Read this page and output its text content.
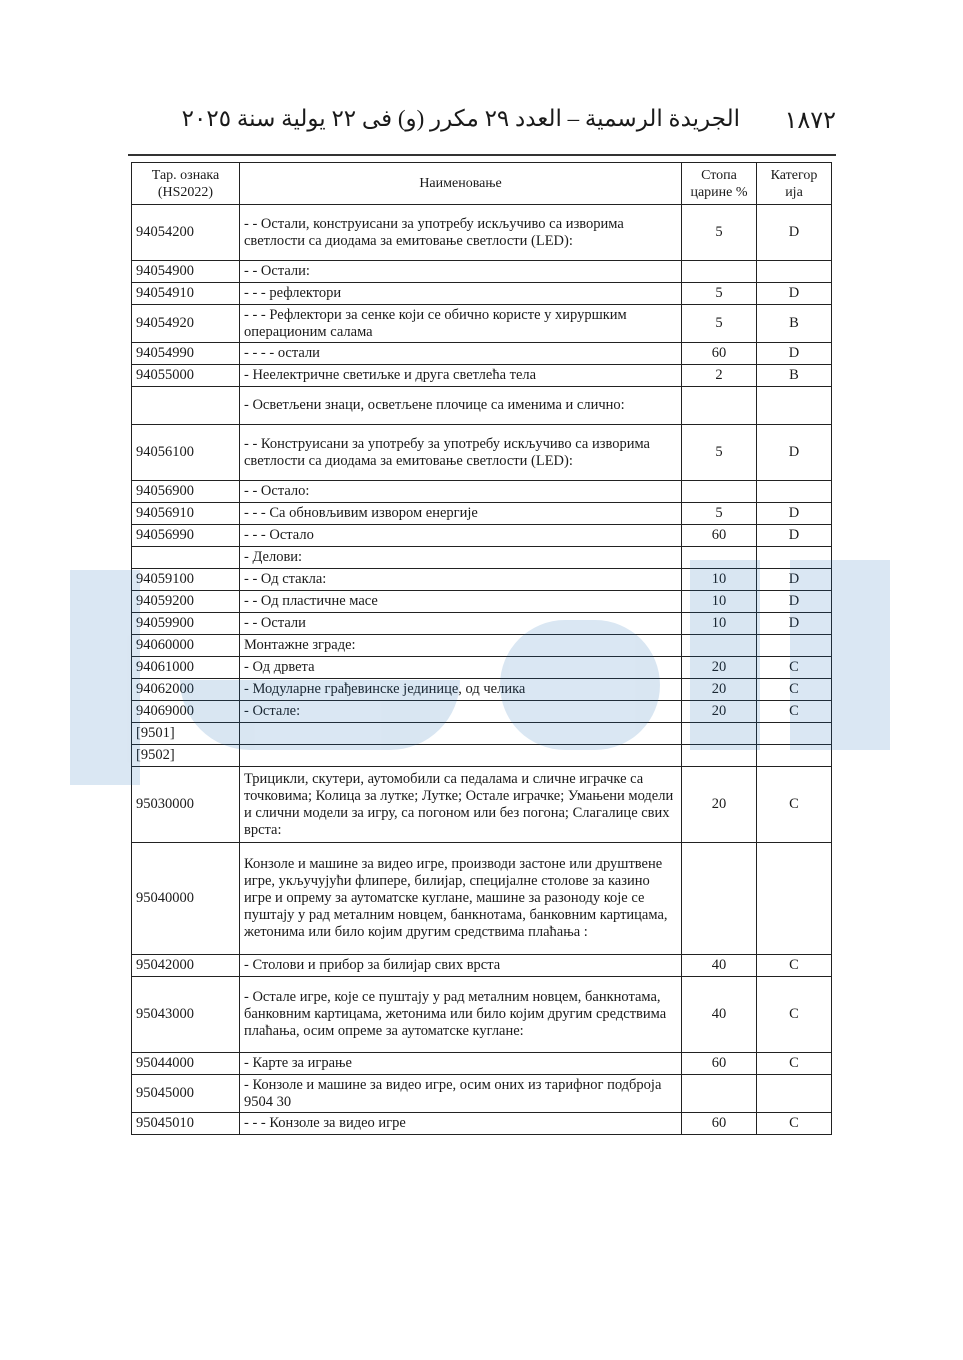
الجريدة الرسمية – العدد ٢٩ مكرر (و) فى ٢٢ يولية سنة ٢٠٢٥ ١٨٧٢
Тар. ознака (HS2022)	Наименовање	Стопа царине %	Категор ија
94054200	- - Остали, конструисани за употребу искључиво са изворима светлости са диодама за емитовање светлости (LED):	5	D
94054900	- - Остали:		
94054910	- - - рефлектори	5	D
94054920	- - - Рефлектори за сенке који се обично користе у хируршким операционим салама	5	B
94054990	- - - - остали	60	D
94055000	- Неелектричне светиљке и друга светлећа тела	2	B
	- Осветљени знаци, осветљене плочице са именима и слично:		
94056100	- - Конструисани за употребу за употребу искључиво са изворима светлости са диодама за емитовање светлости (LED):	5	D
94056900	- - Остало:		
94056910	- - - Са обновљивим извором енергије	5	D
94056990	- - - Остало	60	D
	- Делови:		
94059100	- - Од стакла:	10	D
94059200	- - Од пластичне масе	10	D
94059900	- - Остали	10	D
94060000	Монтажне зграде:		
94061000	- Од дрвета	20	C
94062000	- Модуларне грађевинске јединице, од челика	20	C
94069000	- Остале:	20	C
[9501]			
[9502]			
95030000	Трицикли, скутери, аутомобили са педалама и сличне играчке са точковима; Колица за лутке; Лутке; Остале играчке; Умањени модели и слични модели за игру, са погоном или без погона; Слагалице свих врста:	20	C
95040000	Конзоле и машине за видео игре, производи застоне или друштвене игре, укључујући флипере, билијар, специјалне столове за казино игре и опрему за аутоматске куглане, машине за разоноду које се пуштају у рад металним новцем, банкнотама, банковним картицама, жетонима или било којим другим средствима плаћања :		
95042000	- Столови и прибор за билијар свих врста	40	C
95043000	- Остале игре, које се пуштају у рад металним новцем, банкнотама, банковним картицама, жетонима или било којим другим средствима плаћања, осим опреме за аутоматске куглане:	40	C
95044000	- Карте за играње	60	C
95045000	- Конзоле и машине за видео игре, осим оних из тарифног подброја 9504 30		
95045010	- - - Конзоле за видео игре	60	C
